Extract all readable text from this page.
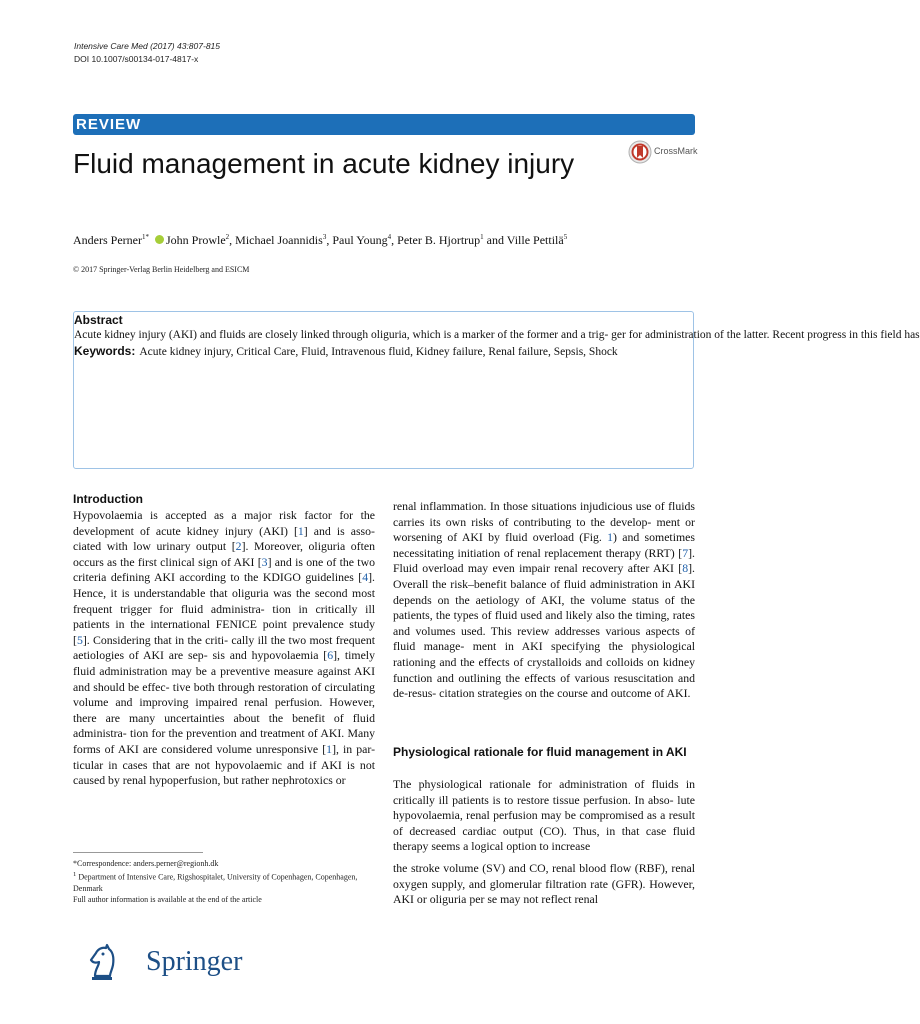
Intensive Care Med (2017) 43:807-815
DOI 10.1007/s00134-017-4817-x
REVIEW
Fluid management in acute kidney injury	CrossMark
Anders Perner$^{1*}$ John Prowle$^2$, Michael Joannidis$^3$, Paul Young$^4$, Peter B. Hjortrup$^1$ and Ville Pettilä$^5$
© 2017 Springer-Verlag Berlin Heidelberg and ESICM
Abstract
Acute kidney injury (AKI) and fluids are closely linked through oliguria, which is a marker of the former and a trig- ger for administration of the latter. Recent progress in this field has
Keywords: Acute kidney injury, Critical Care, Fluid, Intravenous fluid, Kidney failure, Renal failure, Sepsis, Shock
Introduction
Hypovolaemia is accepted as a major risk factor for the development of acute kidney injury (AKI) [1] and is asso- ciated with low urinary output [2]. Moreover, oliguria often occurs as the first clinical sign of AKI [3] and is one of the two criteria defining AKI according to the KDIGO guidelines [4]. Hence, it is understandable that oliguria was the second most frequent trigger for fluid administra- tion in critically ill patients in the international FENICE point prevalence study [5]. Considering that in the criti- cally ill the two most frequent aetiologies of AKI are sep- sis and hypovolaemia [6], timely fluid administration may be a preventive measure against AKI and should be effec- tive both through restoration of circulating volume and improving impaired renal perfusion. However, there are many uncertainties about the benefit of fluid administra- tion for the prevention and treatment of AKI. Many forms of AKI are considered volume unresponsive [1], in par- ticular in cases that are not hypovolaemic and if AKI is not caused by renal hypoperfusion, but rather nephrotoxics or
renal inflammation. In those situations injudicious use of fluids carries its own risks of contributing to the develop- ment or worsening of AKI by fluid overload (Fig. 1) and sometimes necessitating initiation of renal replacement therapy (RRT) [7]. Fluid overload may even impair renal recovery after AKI [8]. Overall the risk–benefit balance of fluid administration in AKI depends on the aetiology of AKI, the volume status of the patients, the types of fluid used and likely also the timing, rates and volumes used. This review addresses various aspects of fluid manage- ment in AKI specifying the physiological rationing and the effects of crystalloids and colloids on kidney function and outlining the effects of various resuscitation and de-resus- citation strategies on the course and outcome of AKI.
Physiological rationale for fluid management in AKI
The physiological rationale for administration of fluids in critically ill patients is to restore tissue perfusion. In abso- lute hypovolaemia, renal perfusion may be compromised as a result of decreased cardiac output (CO). Thus, in that case fluid therapy seems a logical option to increase
the stroke volume (SV) and CO, renal blood flow (RBF), renal oxygen supply, and glomerular filtration rate (GFR). However, AKI or oliguria per se may not reflect renal
*Correspondence: anders.perner@regionh.dk
$^1$ Department of Intensive Care, Rigshospitalet, University of Copenhagen, Copenhagen, Denmark
Full author information is available at the end of the article
Springer
